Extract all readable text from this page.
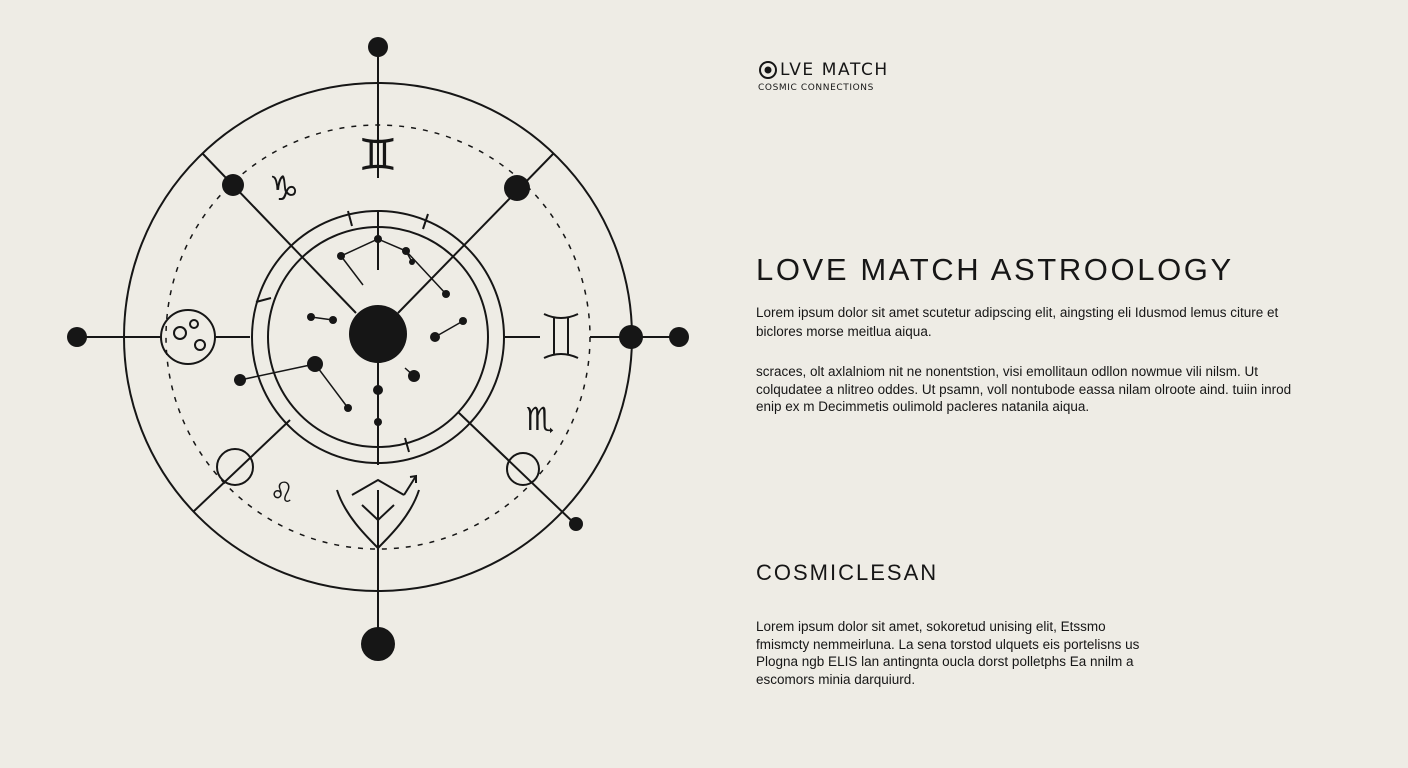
♊
♑
♏
♌
LVE MATCH
COSMIC CONNECTIONS
LOVE MATCH ASTROOLOGY

Lorem ipsum dolor sit amet scutetur adipscing elit, aingsting eli Idusmod lemus citure et biclores morse meitlua aiqua.

scraces, olt axlalniom nit ne nonentstion, visi emollitaun odllon nowmue vili nilsm. Ut colqudatee a nlitreo oddes. Ut psamn, voll nontubode eassa nilam olroote aind. tuiin inrod enip ex m Decimmetis oulimold pacleres natanila aiqua.

COSMICLESAN

Lorem ipsum dolor sit amet, sokoretud unising elit, Etssmo fmismcty nemmeirluna. La sena torstod ulquets eis portelisns us Plogna ngb ELIS lan antingnta oucla dorst polletphs Ea nnilm a escomors minia darquiurd.
